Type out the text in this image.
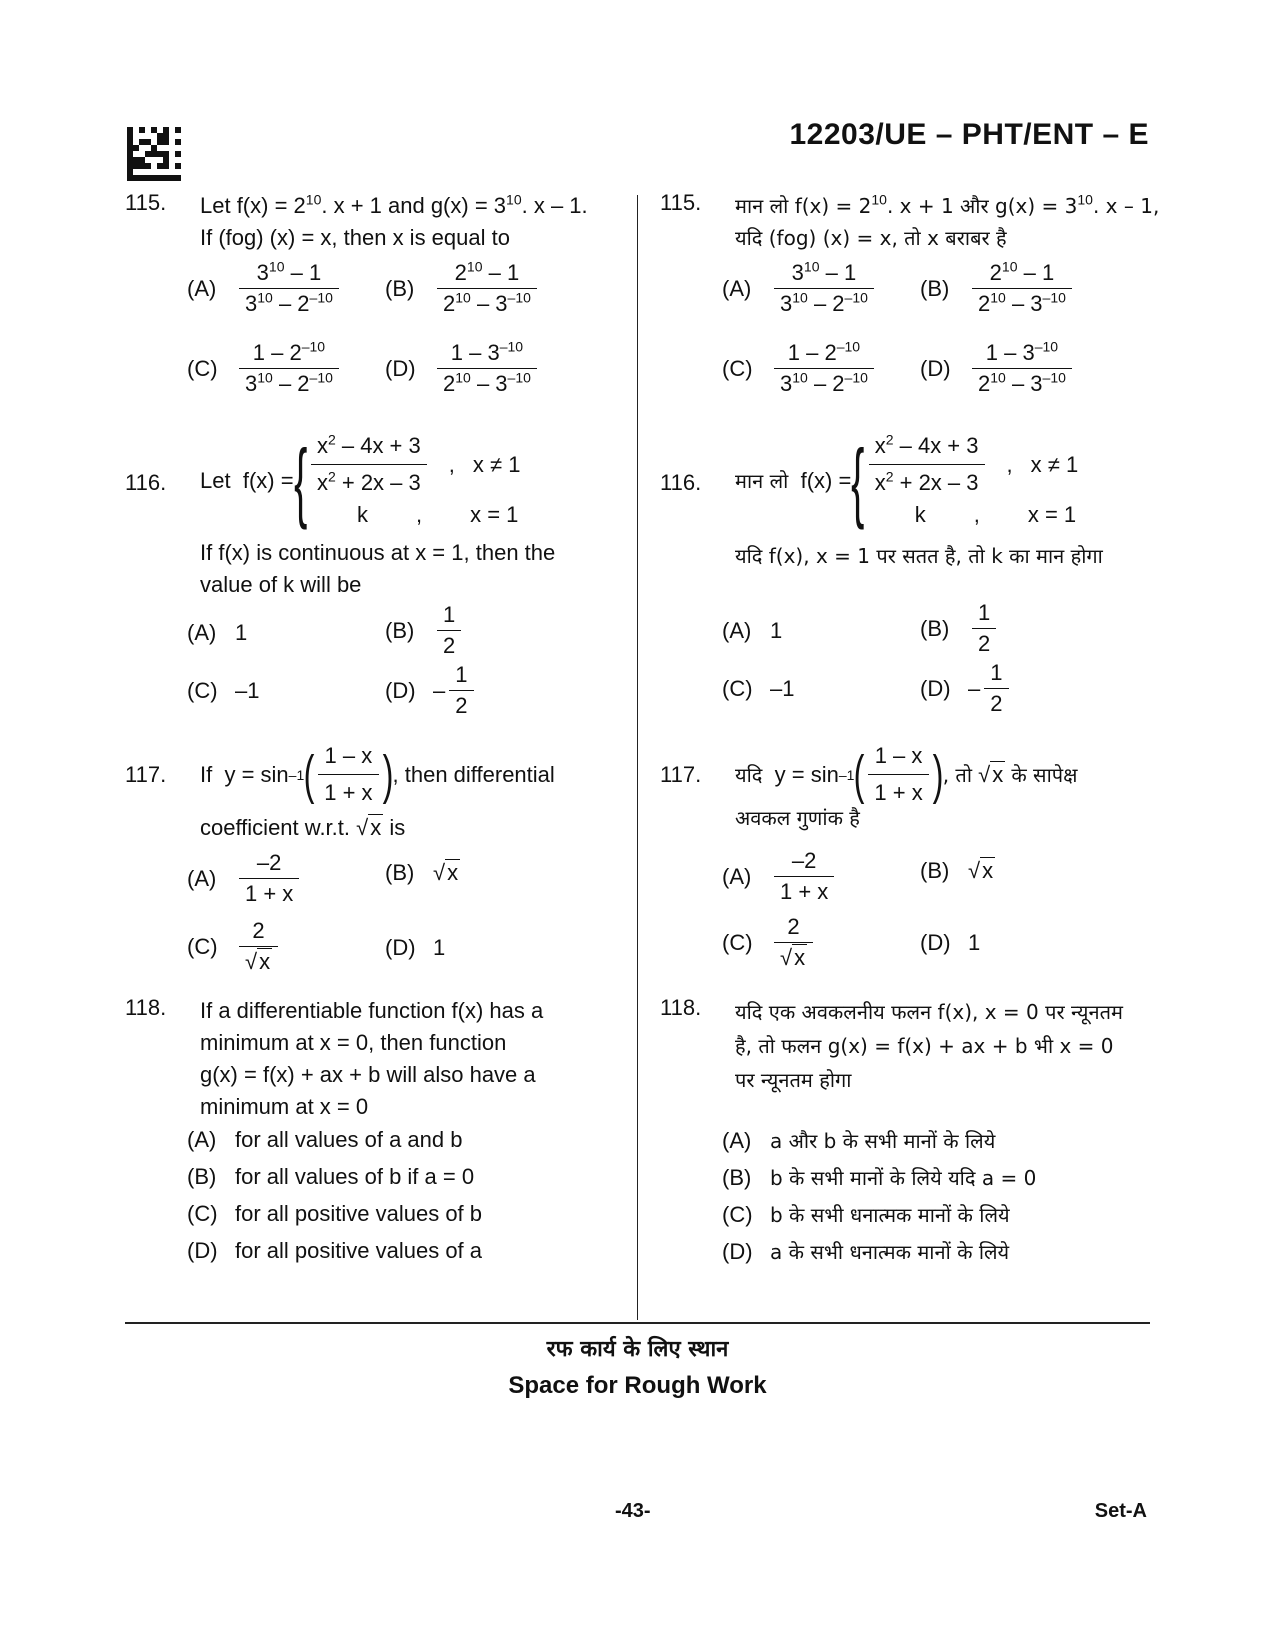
12203/UE – PHT/ENT – E
115. Let $f(x) = 2^{10}$. x + 1 and $g(x) = 3^{10}$. x – 1.
If (fog) (x) = x, then x is equal to
(A)	$\frac{3^{10} - 1}{3^{10} - 2^{-10}} (B)$	$\frac{2^{10} - 1}{2^{10} - 3^{-10}}$
$(C) \frac{1 - 2^{-10}}{3^{10} - 2^{-10}} (D) \frac{1 - 3^{-10}}{2^{10} - 3^{-10}}$
116. Let
f(x) = { $\frac{x^2 - 4x + 3}{x^2 + 2x - 3}$ , x ≠ 1
k , x = 1
If f(x) is continuous at x = 1, then the
value of k will be
(A) 1	(B)	$\frac{1}{2}$
(C) –1	$(D) - \frac{1}{2}$
117. If
y = sin –1 ( $\frac{1 - x}{1 + x}$ ) , then differential
coefficient w.r.t. √x is
(A)	$\frac{-2}{1 + x}$	(B) √x
$(C) \frac{2}{√x}$	(D) 1
118. If a differentiable function f(x) has a
minimum at x = 0, then function
g(x) = f(x) + ax + b will also have a
minimum at x = 0
(A) for all values of a and b
(B) for all values of b if a = 0
(C) for all positive values of b
(D) for all positive values of a
115. मान लो $f(x) = 2^{10}$. x + 1 और $g(x) = 3^{10}$. x – 1,
यदि (fog) (x) = x, तो x बराबर है
(A)	$\frac{3^{10} - 1}{3^{10} - 2^{-10}} (B)$	$\frac{2^{10} - 1}{2^{10} - 3^{-10}}$
$(C) \frac{1 - 2^{-10}}{3^{10} - 2^{-10}} (D) \frac{1 - 3^{-10}}{2^{10} - 3^{-10}}$
116. मान लो
f(x) = { $\frac{x^2 - 4x + 3}{x^2 + 2x - 3}$ , x ≠ 1
k , x = 1
यदि f(x), x = 1 पर सतत है, तो k का मान होगा
(A) 1	(B)	$\frac{1}{2}$
(C) –1	$(D) - \frac{1}{2}$
117. यदि
y = sin –1 ( $\frac{1 - x}{1 + x}$ ) , तो
√x
के सापेक्ष
अवकल गुणांक है
(A)	$\frac{-2}{1 + x}$	(B) √x
$(C) \frac{2}{√x}$	(D) 1
118. यदि एक अवकलनीय फलन f(x), x = 0 पर न्यूनतम
है, तो फलन g(x) = f(x) + ax + b भी x = 0
पर न्यूनतम होगा
(A) a और b के सभी मानों के लिये
(B) b के सभी मानों के लिये यदि a = 0
(C) b के सभी धनात्मक मानों के लिये
(D) a के सभी धनात्मक मानों के लिये
रफ कार्य के लिए स्थान
Space for Rough Work
-43-	Set-A
